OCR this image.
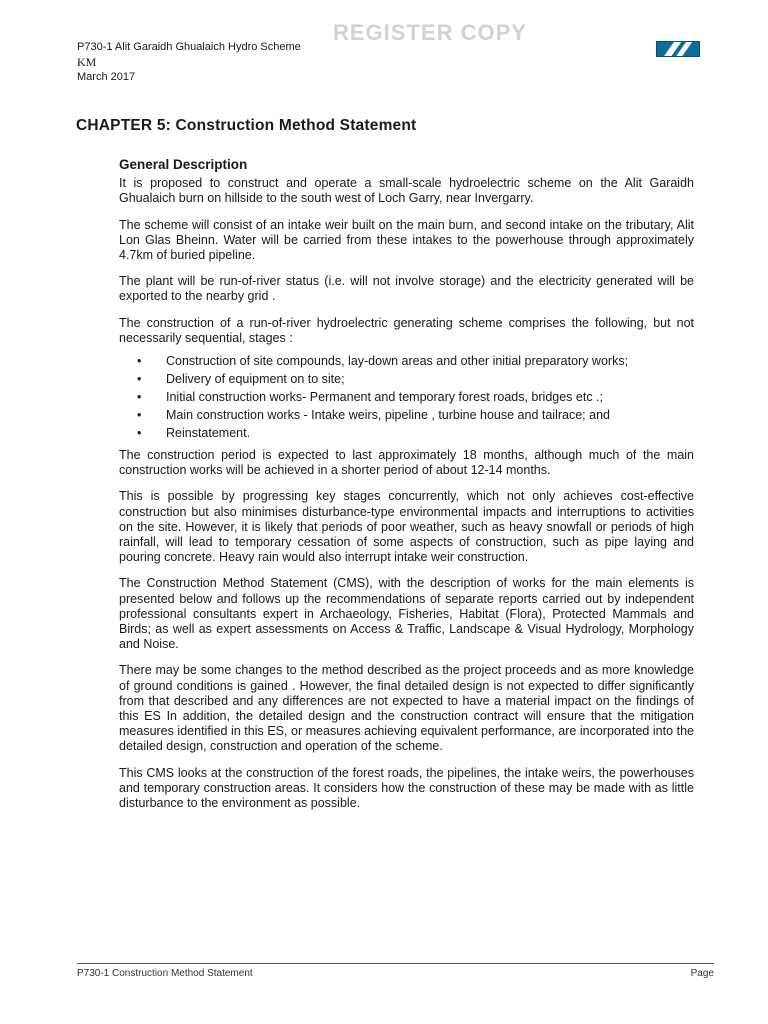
REGISTER COPY
P730-1 Alit Garaidh Ghualaich Hydro Scheme
KM
March 2017
CHAPTER 5: Construction Method Statement
General Description

It is proposed to construct and operate a small-scale hydroelectric scheme on the Alit Garaidh Ghualaich burn on hillside to the south west of Loch Garry, near Invergarry.

The scheme will consist of an intake weir built on the main burn, and second intake on the tributary, Alit Lon Glas Bheinn. Water will be carried from these intakes to the powerhouse through approximately 4.7km of buried pipeline.

The plant will be run-of-river status (i.e. will not involve storage) and the electricity generated will be exported to the nearby grid .

The construction of a run-of-river hydroelectric generating scheme comprises the following, but not necessarily sequential, stages :

• Construction of site compounds, lay-down areas and other initial preparatory works;
• Delivery of equipment on to site;
• Initial construction works- Permanent and temporary forest roads, bridges etc .;
• Main construction works - Intake weirs, pipeline , turbine house and tailrace; and
• Reinstatement.

The construction period is expected to last approximately 18 months, although much of the main construction works will be achieved in a shorter period of about 12-14 months.

This is possible by progressing key stages concurrently, which not only achieves cost-effective construction but also minimises disturbance-type environmental impacts and interruptions to activities on the site. However, it is likely that periods of poor weather, such as heavy snowfall or periods of high rainfall, will lead to temporary cessation of some aspects of construction, such as pipe laying and pouring concrete. Heavy rain would also interrupt intake weir construction.

The Construction Method Statement (CMS), with the description of works for the main elements is presented below and follows up the recommendations of separate reports carried out by independent professional consultants expert in Archaeology, Fisheries, Habitat (Flora), Protected Mammals and Birds; as well as expert assessments on Access & Traffic, Landscape & Visual Hydrology, Morphology and Noise.

There may be some changes to the method described as the project proceeds and as more knowledge of ground conditions is gained . However, the final detailed design is not expected to differ significantly from that described and any differences are not expected to have a material impact on the findings of this ES In addition, the detailed design and the construction contract will ensure that the mitigation measures identified in this ES, or measures achieving equivalent performance, are incorporated into the detailed design, construction and operation of the scheme.

This CMS looks at the construction of the forest roads, the pipelines, the intake weirs, the powerhouses and temporary construction areas. It considers how the construction of these may be made with as little disturbance to the environment as possible.

P730-1 Construction Method Statement	Page
